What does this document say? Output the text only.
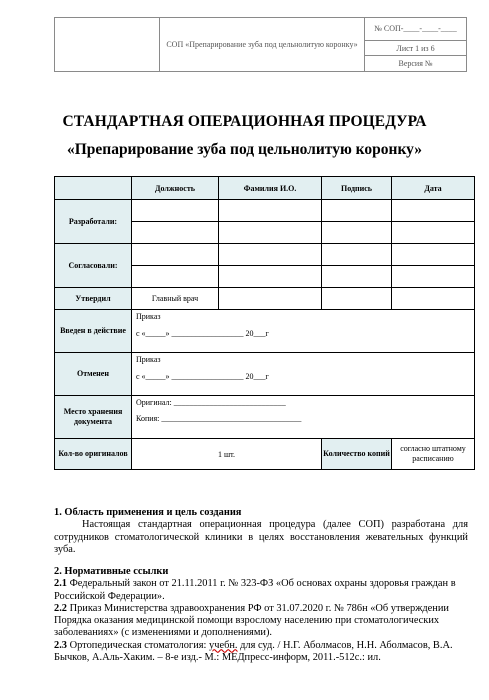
СОП «Препарирование зуба под цельнолитую коронку»
№ СОП-____-____-____
Лист 1 из 6
Версия №
СТАНДАРТНАЯ ОПЕРАЦИОННАЯ ПРОЦЕДУРА
«Препарирование зуба под цельнолитую коронку»
	Должность	Фамилия И.О.	Подпись	Дата
Разработали:				

Согласовали:				

Утвердил	Главный врач			
Введен в действие	Приказ
с «_____» __________________ 20___г			

Отменен	Приказ
с «_____» __________________ 20___г			

Место хранения документа	Оригинал: ____________________________
Копия: ___________________________________			

Кол-во оригиналов	1 шт.		Количество копий	согласно штатному расписанию

1. Область применения и цель создания

Настоящая стандартная операционная процедура (далее СОП) разработана для сотрудников стоматологической клиники в целях восстановления жевательных функций зуба.

2. Нормативные ссылки

2.1 Федеральный закон от 21.11.2011 г. № 323-ФЗ «Об основах охраны здоровья граждан в Российской Федерации».

2.2 Приказ Министерства здравоохранения РФ от 31.07.2020 г. № 786н «Об утверждении Порядка оказания медицинской помощи взрослому населению при стоматологических заболеваниях» (с изменениями и дополнениями).

2.3 Ортопедическая стоматология: учебн. для суд. / Н.Г. Аболмасов, Н.Н. Аболмасов, В.А. Бычков, А.Аль-Хаким. – 8-е изд.- М.: МЕДпресс-информ, 2011.-512с.: ил.
